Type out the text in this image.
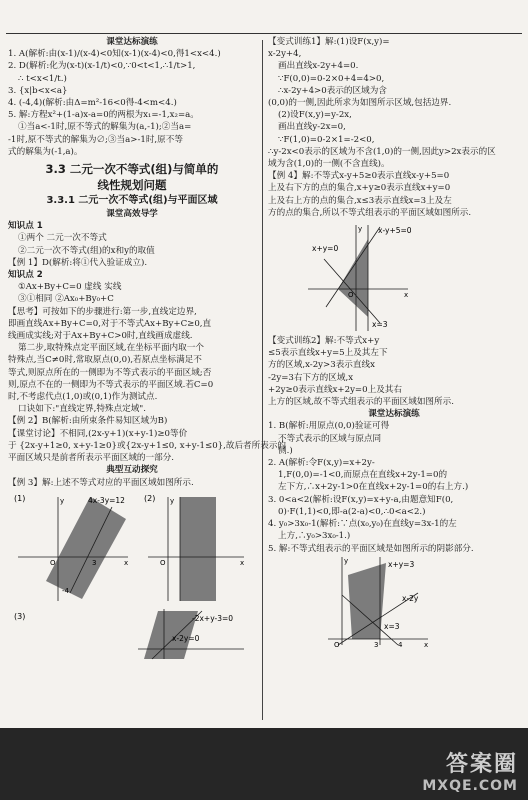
课堂达标演练
1. A(解析:由(x-1)/(x-4)<0知(x-1)(x-4)<0,得1<x<4.)
2. D(解析:化为(x-t)(x-1/t)<0,∵0<t<1,∴1/t>1,
∴ t<x<1/t.)
3. {x|b<x<a}
4. (-4,4)(解析:由Δ=m²-16<0得-4<m<4.)
5. 解:方程x²+(1-a)x-a=0的两根为x₁=-1,x₂=a。
①当a<-1时,原不等式的解集为(a,-1);②当a=
-1时,原不等式的解集为∅;③当a>-1时,原不等
式的解集为(-1,a)。
3.3 二元一次不等式(组)与简单的
线性规划问题
3.3.1 二元一次不等式(组)与平面区域
课堂高效导学
知识点 1
①两个 二元一次不等式
②二元一次不等式(组)的x和y的取值
【例 1】D(解析:将①代入验证成立).
知识点 2
①Ax+By+C=0 虚线 实线
③①相同 ②Ax₀+By₀+C
【思考】可按如下的步骤进行:第一步,直线定边界,
即画直线Ax+By+C=0,对于不等式Ax+By+C≥0,直
线画成实线;对于Ax+By+C>0时,直线画成虚线.
第二步,取特殊点定平面区域,在坐标平面内取一个
特殊点,当C≠0时,常取原点(0,0),若原点坐标满足不
等式,则原点所在的一侧即为不等式表示的平面区域;否
则,原点不在的一侧即为不等式表示的平面区域.若C=0
时,不考虑代点(1,0)或(0,1)作为测试点.
口诀如下:"直线定界,特殊点定域".
【例 2】B(解析:由所束条件易知区域为B)
【课堂讨论】不相同,(2x-y+1)(x+y-1)≥0等价
于 {2x-y+1≥0, x+y-1≥0}或{2x-y+1≤0, x+y-1≤0},故后者所表示的
平面区域只是前者所表示平面区域的一部分.
典型互动探究
【例 3】解:上述不等式对应的平面区域如图所示.
(1)	4x-3y=12
x
y
O	3
-4
(2)
x
y
O
(3)	-2x+y-3=0
x-2y=0
【变式训练1】解:(1)设F(x,y)=
x-2y+4,
画出直线x-2y+4=0.
∵F(0,0)=0-2×0+4=4>0,
∴x-2y+4>0表示的区域为含
(0,0)的一侧,因此所求为如图所示区域,包括边界.
(2)设F(x,y)=y-2x,
画出直线y-2x=0,
∵F(1,0)=0-2×1=-2<0,
∴y-2x<0表示的区域为不含(1,0)的一侧,因此y>2x表示的区
域为含(1,0)的一侧(不含直线)。
【例 4】解:不等式x-y+5≥0表示直线x-y+5=0
上及右下方的点的集合,x+y≥0表示直线x+y=0
上及右上方的点的集合,x≤3表示直线x=3上及左
方的点的集合,所以不等式组表示的平面区域如图所示.
x-y+5=0
x+y=0
x=3
x
y
O
【变式训练2】解:不等式x+y
≤5表示直线x+y=5上及其左下
方的区域,x-2y>3表示直线x
-2y=3右下方的区域,x
+2y≥0表示直线x+2y=0上及其右
上方的区域,故不等式组表示的平面区域如图所示.
课堂达标演练
1. B(解析:用原点(0,0)验证可得
不等式表示的区域与原点同
侧.)
2. A(解析:令F(x,y)=x+2y-
1,F(0,0)=-1<0,而原点在直线x+2y-1=0的
左下方,∴x+2y-1>0在直线x+2y-1=0的右上方.)
3. 0<a<2(解析:设F(x,y)=x+y-a,由题意知F(0,
0)·F(1,1)<0,即-a(2-a)<0,∴0<a<2.)
4. y₀>3x₀-1(解析:∵点(x₀,y₀)在直线y=3x-1的左
上方,∴y₀>3x₀-1.)
5. 解:不等式组表示的平面区域是如图所示的阴影部分.
x+y=3
x-2y
x=3
x
y
O	3	4
答案圈
MXQE.COM
